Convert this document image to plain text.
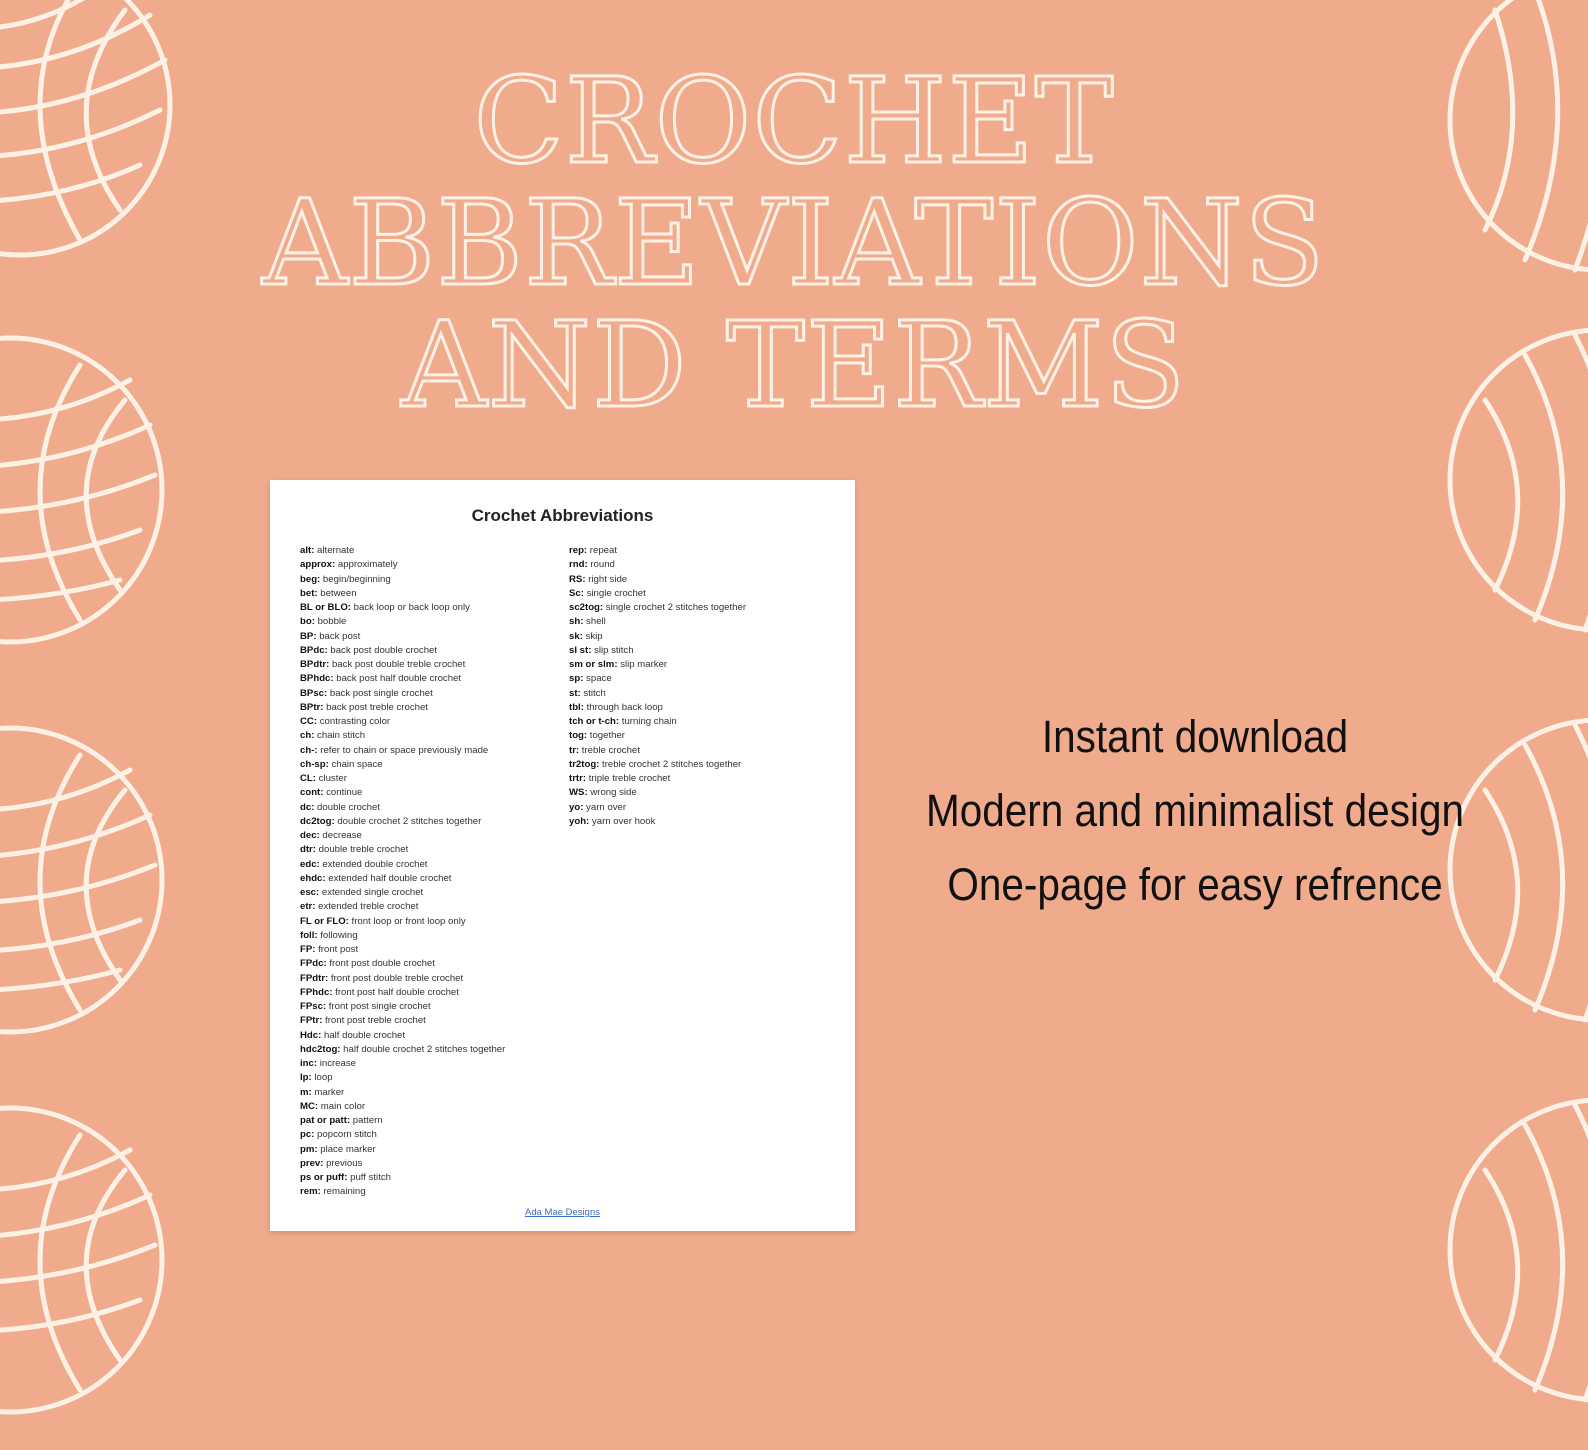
CROCHET
ABBREVIATIONS
AND TERMS
Crochet Abbreviations
alt: alternate
approx: approximately
beg: begin/beginning
bet: between
BL or BLO: back loop or back loop only
bo: bobble
BP: back post
BPdc: back post double crochet
BPdtr: back post double treble crochet
BPhdc: back post half double crochet
BPsc: back post single crochet
BPtr: back post treble crochet
CC: contrasting color
ch: chain stitch
ch-: refer to chain or space previously made
ch-sp: chain space
CL: cluster
cont: continue
dc: double crochet
dc2tog: double crochet 2 stitches together
dec: decrease
dtr: double treble crochet
edc: extended double crochet
ehdc: extended half double crochet
esc: extended single crochet
etr: extended treble crochet
FL or FLO: front loop or front loop only
foll: following
FP: front post
FPdc: front post double crochet
FPdtr: front post double treble crochet
FPhdc: front post half double crochet
FPsc: front post single crochet
FPtr: front post treble crochet
Hdc: half double crochet
hdc2tog: half double crochet 2 stitches together
inc: increase
lp: loop
m: marker
MC: main color
pat or patt: pattern
pc: popcorn stitch
pm: place marker
prev: previous
ps or puff: puff stitch
rem: remaining
rep: repeat
rnd: round
RS: right side
Sc: single crochet
sc2tog: single crochet 2 stitches together
sh: shell
sk: skip
sl st: slip stitch
sm or slm: slip marker
sp: space
st: stitch
tbl: through back loop
tch or t-ch: turning chain
tog: together
tr: treble crochet
tr2tog: treble crochet 2 stitches together
trtr: triple treble crochet
WS: wrong side
yo: yarn over
yoh: yarn over hook
Ada Mae Designs
Instant download
Modern and minimalist design
One-page for easy refrence
